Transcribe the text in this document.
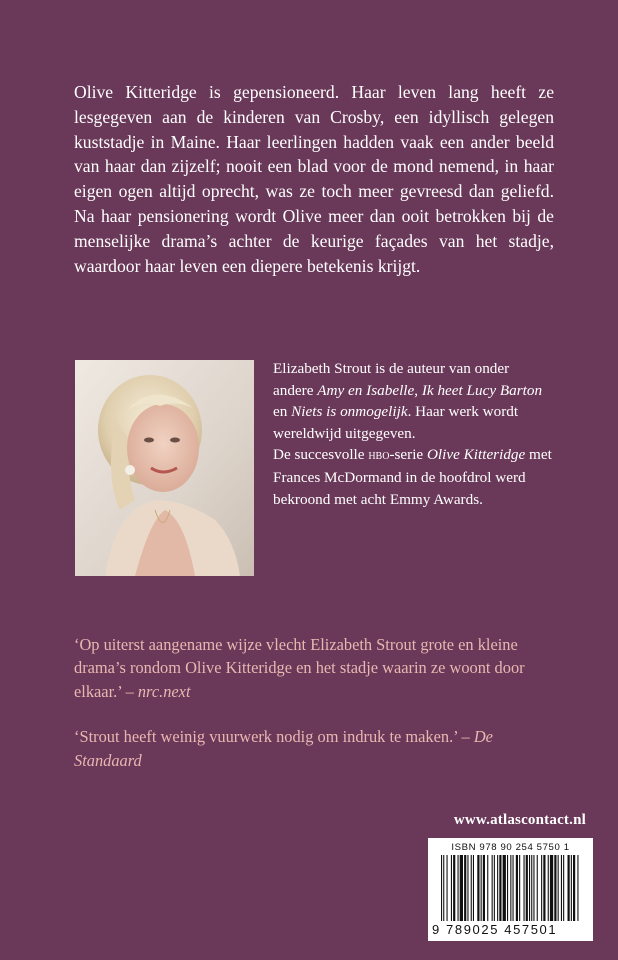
Olive Kitteridge is gepensioneerd. Haar leven lang heeft ze lesgegeven aan de kinderen van Crosby, een idyllisch gelegen kuststadje in Maine. Haar leerlingen hadden vaak een ander beeld van haar dan zijzelf; nooit een blad voor de mond nemend, in haar eigen ogen altijd oprecht, was ze toch meer gevreesd dan geliefd. Na haar pensionering wordt Olive meer dan ooit betrokken bij de menselijke drama’s achter de keurige façades van het stadje, waardoor haar leven een diepere betekenis krijgt.

Elizabeth Strout is de auteur van onder andere Amy en Isabelle, Ik heet Lucy Barton en Niets is onmogelijk. Haar werk wordt wereldwijd uitgegeven.

De succesvolle hbo-serie Olive Kitteridge met Frances McDormand in de hoofdrol werd bekroond met acht Emmy Awards.

‘Op uiterst aangename wijze vlecht Elizabeth Strout grote en kleine drama’s rondom Olive Kitteridge en het stadje waarin ze woont door elkaar.’ – nrc.next

‘Strout heeft weinig vuurwerk nodig om indruk te maken.’ – De Standaard

www.atlascontact.nl
ISBN 978 90 254 5750 1
9 789025 457501
